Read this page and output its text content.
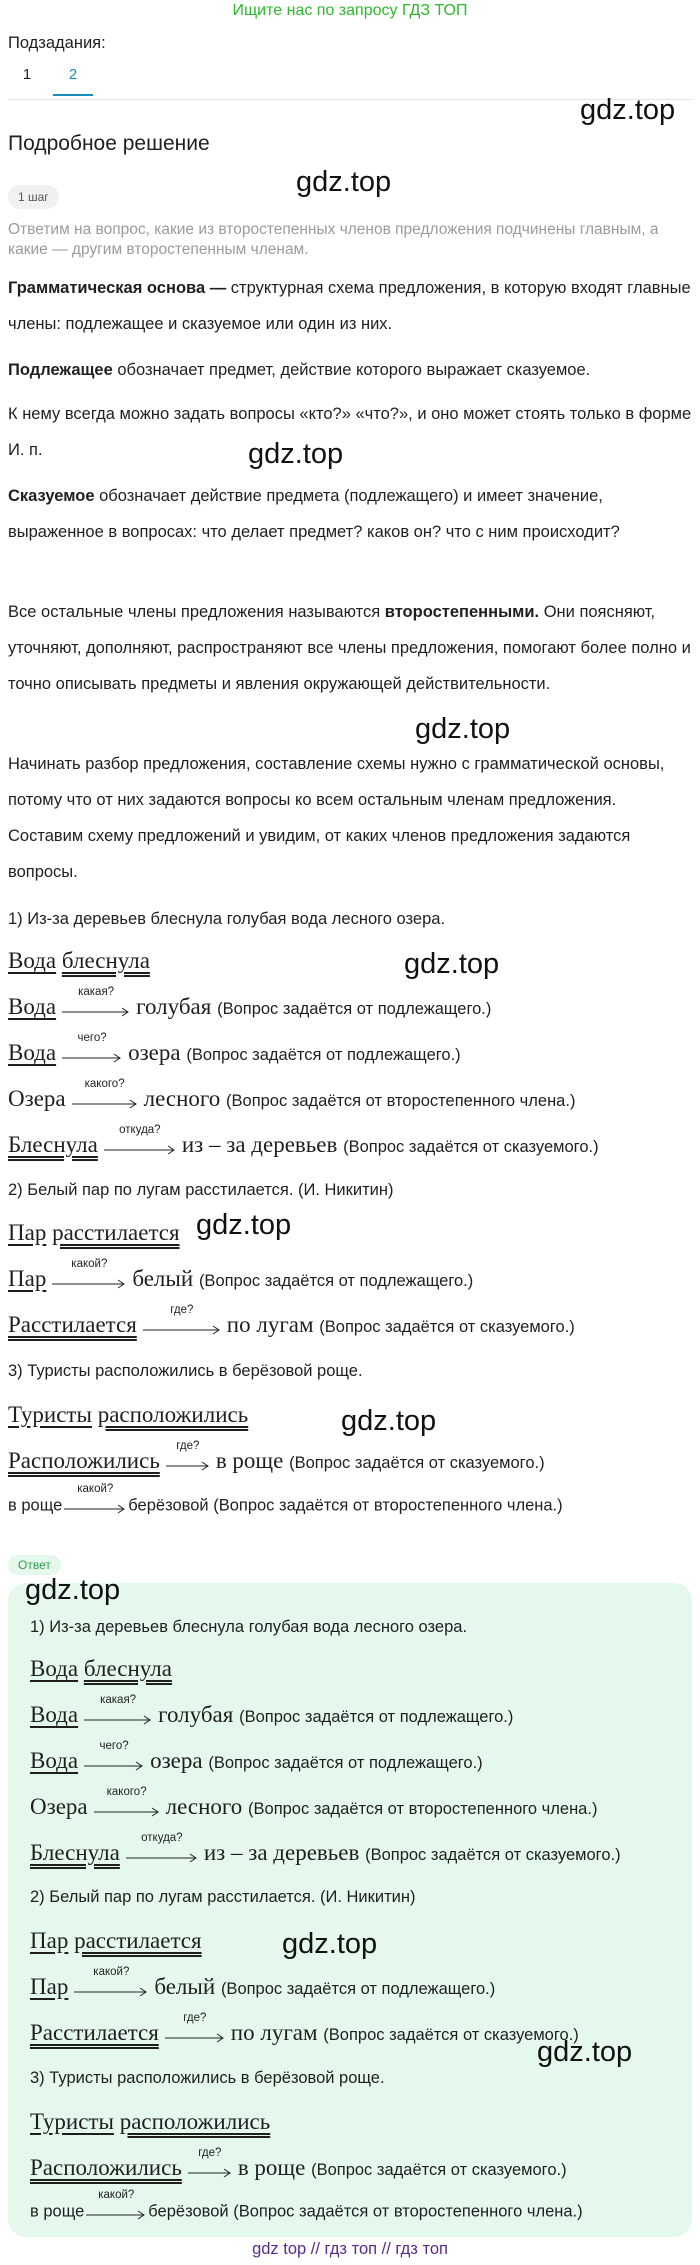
Ищите нас по запросу ГДЗ ТОП
Подзадания:
1	2
gdz.top
gdz.top
gdz.top
gdz.top
gdz.top
gdz.top
gdz.top
Подробное решение
1 шаг
Ответим на вопрос, какие из второстепенных членов предложения подчинены главным, а какие — другим второстепенным членам.
Грамматическая основа — структурная схема предложения, в которую входят главные члены: подлежащее и сказуемое или один из них.
Подлежащее обозначает предмет, действие которого выражает сказуемое.
К нему всегда можно задать вопросы «кто?» «что?», и оно может стоять только в форме И. п.
Сказуемое обозначает действие предмета (подлежащего) и имеет значение, выраженное в вопросах: что делает предмет? каков он? что с ним происходит?
Все остальные члены предложения называются второстепенными. Они поясняют, уточняют, дополняют, распространяют все члены предложения, помогают более полно и точно описывать предметы и явления окружающей действительности.
Начинать разбор предложения, составление схемы нужно с грамматической основы, потому что от них задаются вопросы ко всем остальным членам предложения. Составим схему предложений и увидим, от каких членов предложения задаются вопросы.
1) Из-за деревьев блеснула голубая вода лесного озера.
Вода блеснула
Вода
какая?
голубая (Вопрос задаётся от подлежащего.)
Вода
чего?
озера (Вопрос задаётся от подлежащего.)
Озера
какого?
лесного (Вопрос задаётся от второстепенного члена.)
Блеснула
откуда?
из – за деревьев (Вопрос задаётся от сказуемого.)
2) Белый пар по лугам расстилается. (И. Никитин)
Пар расстилается
Пар
какой?
белый (Вопрос задаётся от подлежащего.)
Расстилается
где?
по лугам (Вопрос задаётся от сказуемого.)
3) Туристы расположились в берёзовой роще.
Туристы расположились
Расположились
где?
в роще (Вопрос задаётся от сказуемого.)
в роще
какой?
берёзовой (Вопрос задаётся от второстепенного члена.)
Ответ
gdz.top
gdz.top
gdz.top
1) Из-за деревьев блеснула голубая вода лесного озера.
Вода блеснула
Вода
какая?
голубая (Вопрос задаётся от подлежащего.)
Вода
чего?
озера (Вопрос задаётся от подлежащего.)
Озера
какого?
лесного (Вопрос задаётся от второстепенного члена.)
Блеснула
откуда?
из – за деревьев (Вопрос задаётся от сказуемого.)
2) Белый пар по лугам расстилается. (И. Никитин)
Пар расстилается
Пар
какой?
белый (Вопрос задаётся от подлежащего.)
Расстилается
где?
по лугам (Вопрос задаётся от сказуемого.)
3) Туристы расположились в берёзовой роще.
Туристы расположились
Расположились
где?
в роще (Вопрос задаётся от сказуемого.)
в роще
какой?
берёзовой (Вопрос задаётся от второстепенного члена.)
gdz top // гдз топ // гдз топ
